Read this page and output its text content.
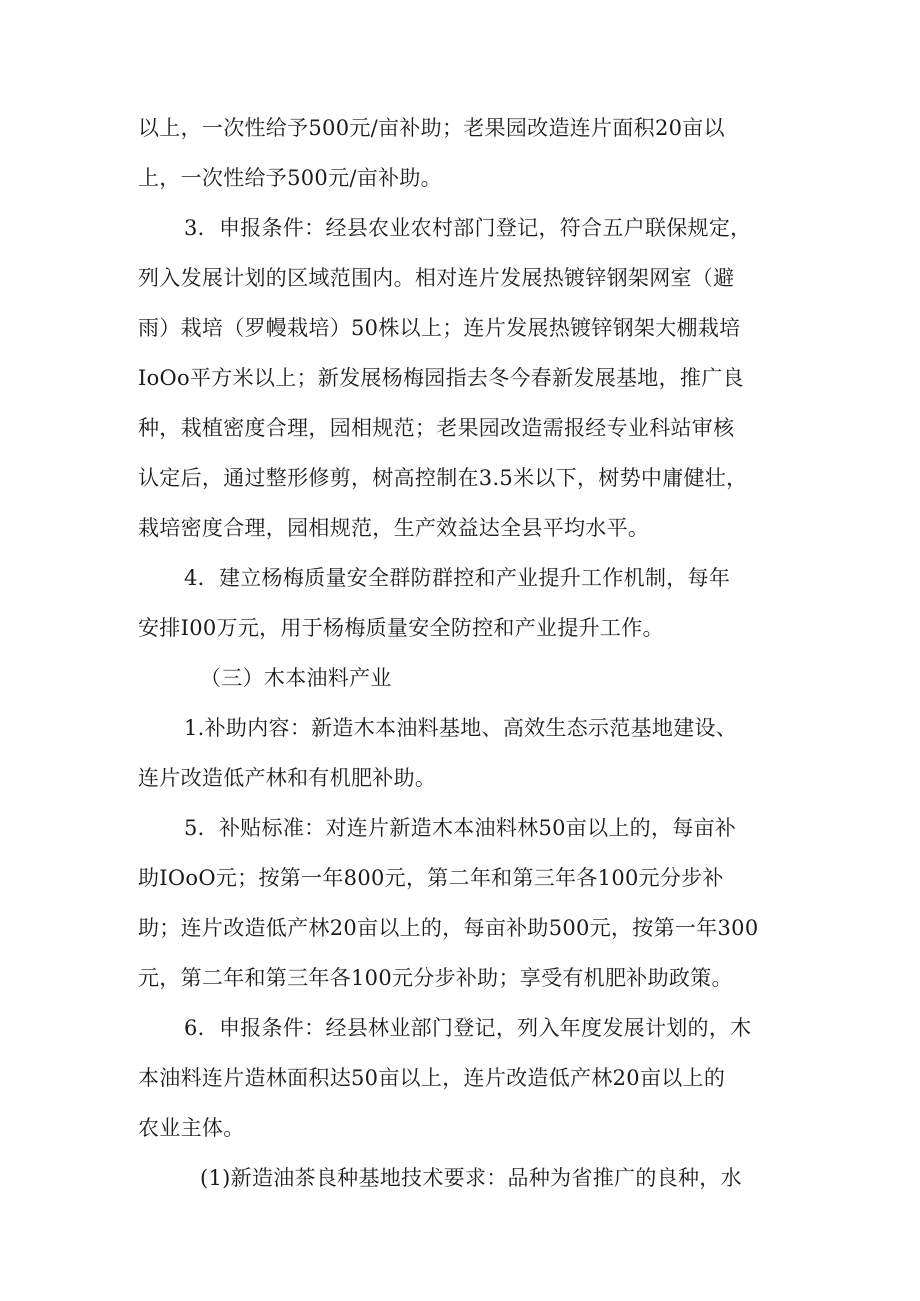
以上，一次性给予500元/亩补助；老果园改造连片面积20亩以
上，一次性给予500元/亩补助。
3．申报条件：经县农业农村部门登记，符合五户联保规定，
列入发展计划的区域范围内。相对连片发展热镀锌钢架网室（避
雨）栽培（罗幔栽培）50株以上；连片发展热镀锌钢架大棚栽培
IoOo平方米以上；新发展杨梅园指去冬今春新发展基地，推广良
种，栽植密度合理，园相规范；老果园改造需报经专业科站审核
认定后，通过整形修剪，树高控制在3.5米以下，树势中庸健壮，
栽培密度合理，园相规范，生产效益达全县平均水平。
4．建立杨梅质量安全群防群控和产业提升工作机制，每年
安排I00万元，用于杨梅质量安全防控和产业提升工作。
（三）木本油料产业
1.补助内容：新造木本油料基地、高效生态示范基地建设、
连片改造低产林和有机肥补助。
5．补贴标准：对连片新造木本油料林50亩以上的，每亩补
助IOoO元；按第一年800元，第二年和第三年各100元分步补
助；连片改造低产林20亩以上的，每亩补助500元，按第一年300
元，第二年和第三年各100元分步补助；享受有机肥补助政策。
6．申报条件：经县林业部门登记，列入年度发展计划的，木
本油料连片造林面积达50亩以上，连片改造低产林20亩以上的
农业主体。
(1)新造油茶良种基地技术要求：品种为省推广的良种，水
